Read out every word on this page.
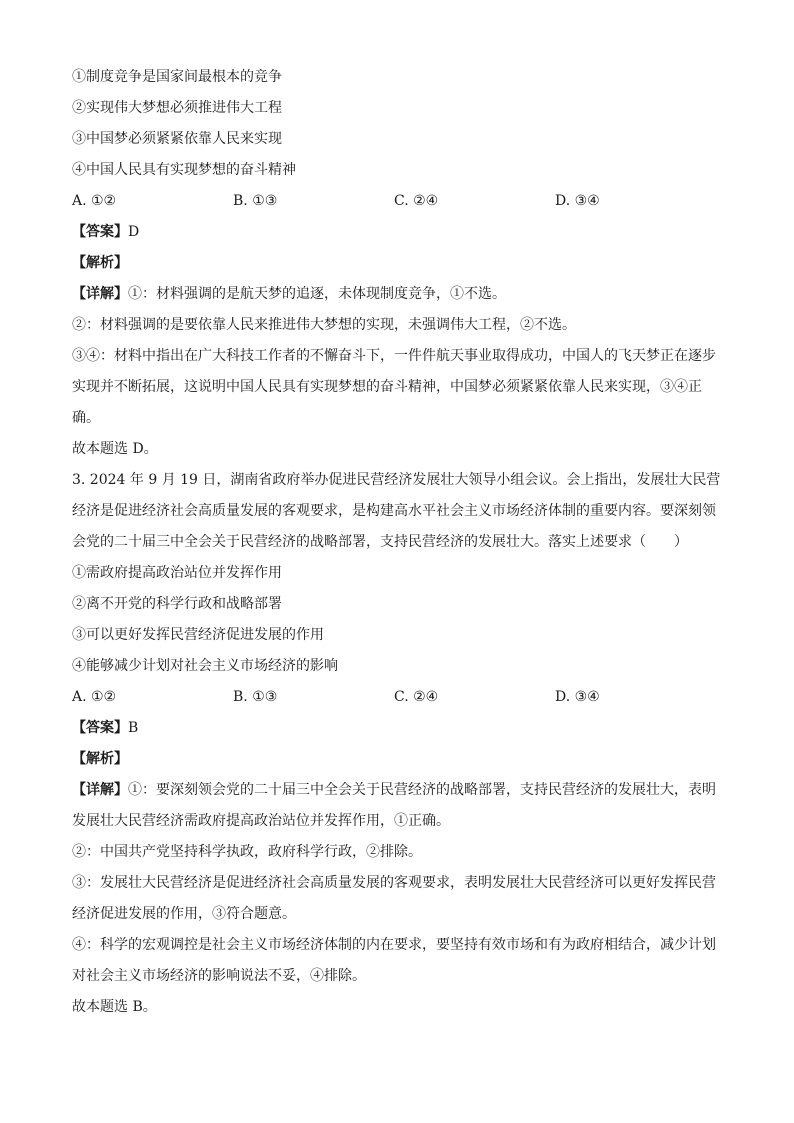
①制度竞争是国家间最根本的竞争
②实现伟大梦想必须推进伟大工程
③中国梦必须紧紧依靠人民来实现
④中国人民具有实现梦想的奋斗精神
A. ①②	B. ①③	C. ②④	D. ③④
【答案】D
【解析】
【详解】①：材料强调的是航天梦的追逐，未体现制度竞争，①不选。
②：材料强调的是要依靠人民来推进伟大梦想的实现，未强调伟大工程，②不选。
③④：材料中指出在广大科技工作者的不懈奋斗下，一件件航天事业取得成功，中国人的飞天梦正在逐步实现并不断拓展，这说明中国人民具有实现梦想的奋斗精神，中国梦必须紧紧依靠人民来实现，③④正确。
故本题选 D。
3. 2024 年 9 月 19 日，湖南省政府举办促进民营经济发展壮大领导小组会议。会上指出，发展壮大民营经济是促进经济社会高质量发展的客观要求，是构建高水平社会主义市场经济体制的重要内容。要深刻领会党的二十届三中全会关于民营经济的战略部署，支持民营经济的发展壮大。落实上述要求（　　）
①需政府提高政治站位并发挥作用
②离不开党的科学行政和战略部署
③可以更好发挥民营经济促进发展的作用
④能够减少计划对社会主义市场经济的影响
A. ①②	B. ①③	C. ②④	D. ③④
【答案】B
【解析】
【详解】①：要深刻领会党的二十届三中全会关于民营经济的战略部署，支持民营经济的发展壮大，表明发展壮大民营经济需政府提高政治站位并发挥作用，①正确。
②：中国共产党坚持科学执政，政府科学行政，②排除。
③：发展壮大民营经济是促进经济社会高质量发展的客观要求，表明发展壮大民营经济可以更好发挥民营经济促进发展的作用，③符合题意。
④：科学的宏观调控是社会主义市场经济体制的内在要求，要坚持有效市场和有为政府相结合，减少计划对社会主义市场经济的影响说法不妥，④排除。
故本题选 B。
